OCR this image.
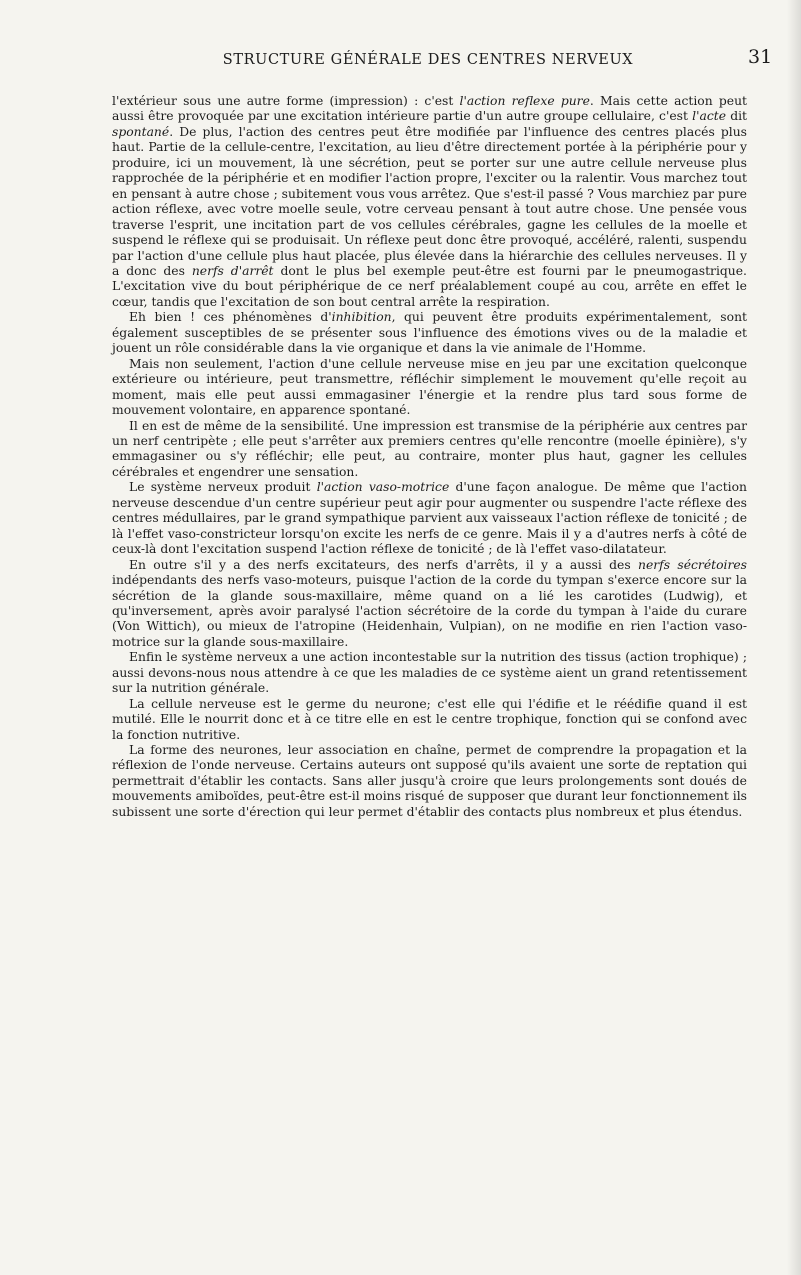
STRUCTURE GÉNÉRALE DES CENTRES NERVEUX	31

l'extérieur sous une autre forme (impression) : c'est l'action reflexe pure. Mais cette action peut aussi être provoquée par une excitation intérieure partie d'un autre groupe cellulaire, c'est l'acte dit spontané. De plus, l'action des centres peut être modifiée par l'influence des centres placés plus haut. Partie de la cellule-centre, l'excitation, au lieu d'être directement portée à la périphérie pour y produire, ici un mouvement, là une sécrétion, peut se porter sur une autre cellule nerveuse plus rapprochée de la périphérie et en modifier l'action propre, l'exciter ou la ralentir. Vous marchez tout en pensant à autre chose ; subitement vous vous arrêtez. Que s'est-il passé ? Vous marchiez par pure action réflexe, avec votre moelle seule, votre cerveau pensant à tout autre chose. Une pensée vous traverse l'esprit, une incitation part de vos cellules cérébrales, gagne les cellules de la moelle et suspend le réflexe qui se produisait. Un réflexe peut donc être provoqué, accéléré, ralenti, suspendu par l'action d'une cellule plus haut placée, plus élevée dans la hiérarchie des cellules nerveuses. Il y a donc des nerfs d'arrêt dont le plus bel exemple peut-être est fourni par le pneumogastrique. L'excitation vive du bout périphérique de ce nerf préalablement coupé au cou, arrête en effet le cœur, tandis que l'excitation de son bout central arrête la respiration.

Eh bien ! ces phénomènes d'inhibition, qui peuvent être produits expérimentalement, sont également susceptibles de se présenter sous l'influence des émotions vives ou de la maladie et jouent un rôle considérable dans la vie organique et dans la vie animale de l'Homme.

Mais non seulement, l'action d'une cellule nerveuse mise en jeu par une excitation quelconque extérieure ou intérieure, peut transmettre, réfléchir simplement le mouvement qu'elle reçoit au moment, mais elle peut aussi emmagasiner l'énergie et la rendre plus tard sous forme de mouvement volontaire, en apparence spontané.

Il en est de même de la sensibilité. Une impression est transmise de la périphérie aux centres par un nerf centripète ; elle peut s'arrêter aux premiers centres qu'elle rencontre (moelle épinière), s'y emmagasiner ou s'y réfléchir; elle peut, au contraire, monter plus haut, gagner les cellules cérébrales et engendrer une sensation.

Le système nerveux produit l'action vaso-motrice d'une façon analogue. De même que l'action nerveuse descendue d'un centre supérieur peut agir pour augmenter ou suspendre l'acte réflexe des centres médullaires, par le grand sympathique parvient aux vaisseaux l'action réflexe de tonicité ; de là l'effet vaso-constricteur lorsqu'on excite les nerfs de ce genre. Mais il y a d'autres nerfs à côté de ceux-là dont l'excitation suspend l'action réflexe de tonicité ; de là l'effet vaso-dilatateur.

En outre s'il y a des nerfs excitateurs, des nerfs d'arrêts, il y a aussi des nerfs sécrétoires indépendants des nerfs vaso-moteurs, puisque l'action de la corde du tympan s'exerce encore sur la sécrétion de la glande sous-maxillaire, même quand on a lié les carotides (Ludwig), et qu'inversement, après avoir paralysé l'action sécrétoire de la corde du tympan à l'aide du curare (Von Wittich), ou mieux de l'atropine (Heidenhain, Vulpian), on ne modifie en rien l'action vaso-motrice sur la glande sous-maxillaire.

Enfin le système nerveux a une action incontestable sur la nutrition des tissus (action trophique) ; aussi devons-nous nous attendre à ce que les maladies de ce système aient un grand retentissement sur la nutrition générale.

La cellule nerveuse est le germe du neurone; c'est elle qui l'édifie et le réédifie quand il est mutilé. Elle le nourrit donc et à ce titre elle en est le centre trophique, fonction qui se confond avec la fonction nutritive.

La forme des neurones, leur association en chaîne, permet de comprendre la propagation et la réflexion de l'onde nerveuse. Certains auteurs ont supposé qu'ils avaient une sorte de reptation qui permettrait d'établir les contacts. Sans aller jusqu'à croire que leurs prolongements sont doués de mouvements amiboïdes, peut-être est-il moins risqué de supposer que durant leur fonctionnement ils subissent une sorte d'érection qui leur permet d'établir des contacts plus nombreux et plus étendus.
